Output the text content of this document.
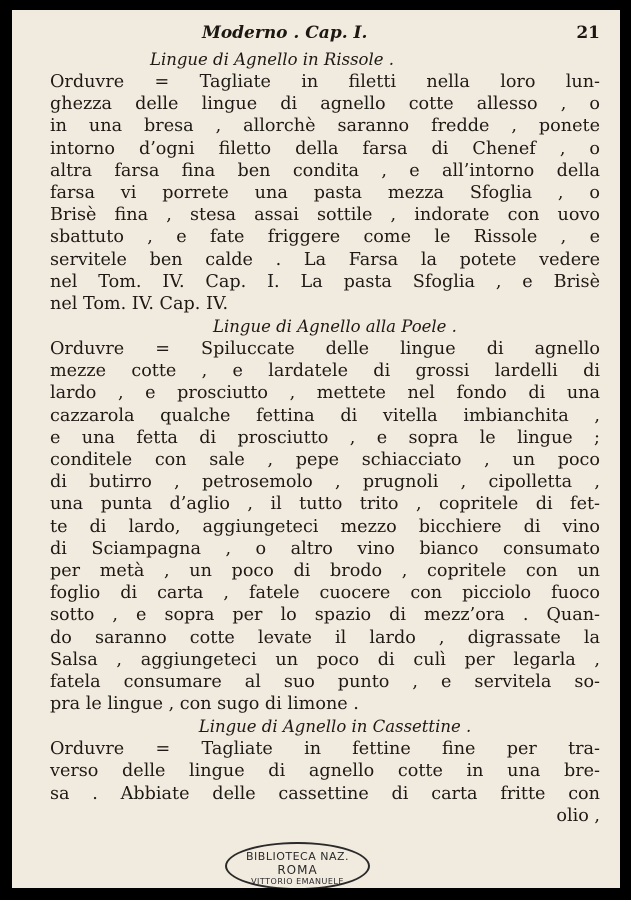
Moderno . Cap. I.	21
Lingue di Agnello in Rissole .
Orduvre = Tagliate in filetti nella loro lun-
ghezza delle lingue di agnello cotte allesso , o
in una bresa , allorchè saranno fredde , ponete
intorno d’ogni filetto della farsa di Chenef , o
altra farsa fina ben condita , e all’intorno della
farsa vi porrete una pasta mezza Sfoglia , o
Brisè fina , stesa assai sottile , indorate con uovo
sbattuto , e fate friggere come le Rissole , e
servitele ben calde . La Farsa la potete vedere
nel Tom. IV. Cap. I. La pasta Sfoglia , e Brisè
nel Tom. IV. Cap. IV.
Lingue di Agnello alla Poele .
Orduvre = Spiluccate delle lingue di agnello
mezze cotte , e lardatele di grossi lardelli di
lardo , e prosciutto , mettete nel fondo di una
cazzarola qualche fettina di vitella imbianchita ,
e una fetta di prosciutto , e sopra le lingue ;
conditele con sale , pepe schiacciato , un poco
di butirro , petrosemolo , prugnoli , cipolletta ,
una punta d’aglio , il tutto trito , copritele di fet-
te di lardo, aggiungeteci mezzo bicchiere di vino
di Sciampagna , o altro vino bianco consumato
per metà , un poco di brodo , copritele con un
foglio di carta , fatele cuocere con picciolo fuoco
sotto , e sopra per lo spazio di mezz’ora . Quan-
do saranno cotte levate il lardo , digrassate la
Salsa , aggiungeteci un poco di culì per legarla ,
fatela consumare al suo punto , e servitela so-
pra le lingue , con sugo di limone .
Lingue di Agnello in Cassettine .
Orduvre = Tagliate in fettine fine per tra-
verso delle lingue di agnello cotte in una bre-
sa . Abbiate delle cassettine di carta fritte con
olio ,
BIBLIOTECA NAZ.
ROMA
VITTORIO EMANUELE
